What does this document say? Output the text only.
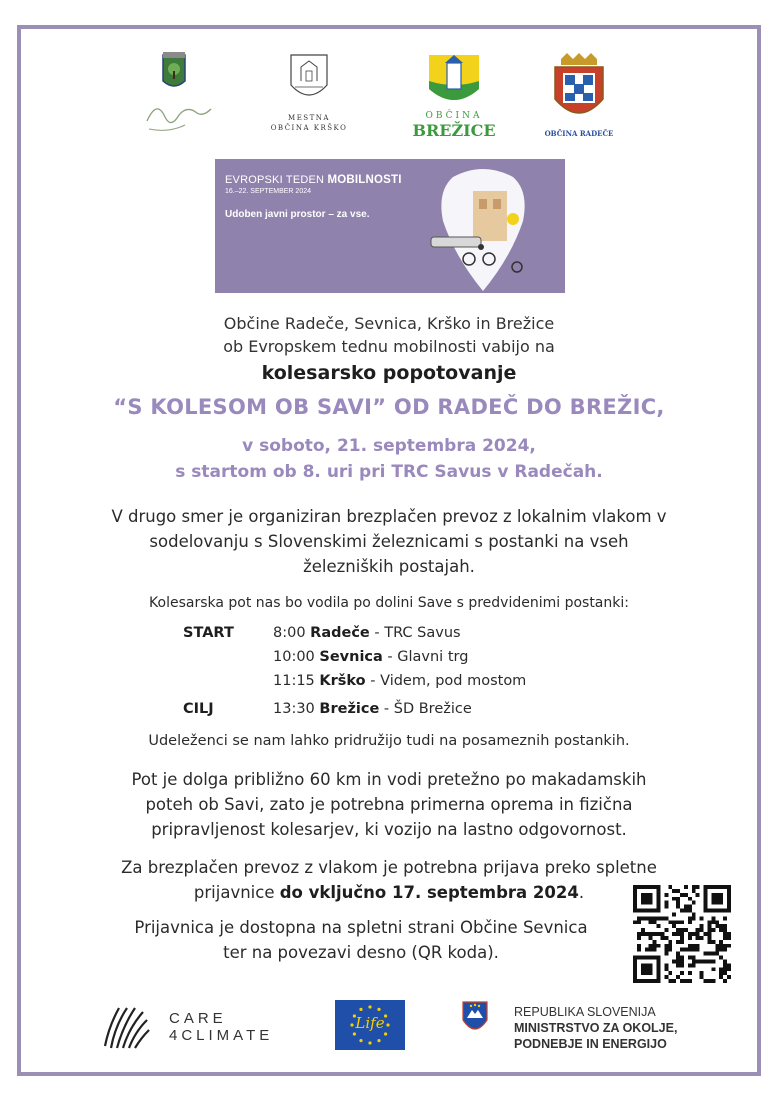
MESTNA
OBČINA KRŠKO
OBČINA
BREŽICE	OBČINA RADEČE
EVROPSKI TEDEN MOBILNOSTI
16.–22. SEPTEMBER 2024
Udoben javni prostor – za vse.
Občine Radeče, Sevnica, Krško in Brežice
ob Evropskem tednu mobilnosti vabijo na
kolesarsko popotovanje
“S KOLESOM OB SAVI” OD RADEČ DO BREŽIC,
v soboto, 21. septembra 2024,
s startom ob 8. uri pri TRC Savus v Radečah.
V drugo smer je organiziran brezplačen prevoz z lokalnim vlakom v
sodelovanju s Slovenskimi železnicami s postanki na vseh
železniških postajah.
Kolesarska pot nas bo vodila po dolini Save s predvidenimi postanki:
START	8:00 Radeče - TRC Savus
10:00 Sevnica - Glavni trg
11:15 Krško - Videm, pod mostom
CILJ	13:30 Brežice - ŠD Brežice
Udeleženci se nam lahko pridružijo tudi na posameznih postankih.
Pot je dolga približno 60 km in vodi pretežno po makadamskih
poteh ob Savi, zato je potrebna primerna oprema in fizična
pripravljenost kolesarjev, ki vozijo na lastno odgovornost.
Za brezplačen prevoz z vlakom je potrebna prijava preko spletne
prijavnice do vključno 17. septembra 2024.
Prijavnica je dostopna na spletni strani Občine Sevnica
ter na povezavi desno (QR koda).
CARE
4CLIMATE
Life
REPUBLIKA SLOVENIJA
MINISTRSTVO ZA OKOLJE,
PODNEBJE IN ENERGIJO
